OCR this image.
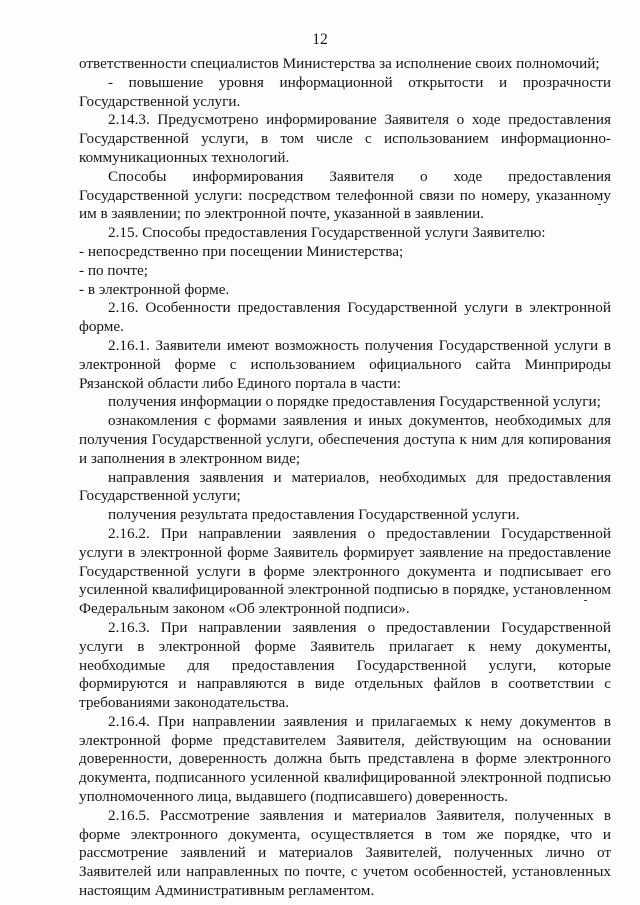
12

ответственности специалистов Министерства за исполнение своих полномочий;

- повышение уровня информационной открытости и прозрачности Государственной услуги.

2.14.3. Предусмотрено информирование Заявителя о ходе предоставления Государственной услуги, в том числе с использованием информационно-коммуникационных технологий.

Способы информирования Заявителя о ходе предоставления Государственной услуги: посредством телефонной связи по номеру, указанному им в заявлении; по электронной почте, указанной в заявлении.

2.15. Способы предоставления Государственной услуги Заявителю:

- непосредственно при посещении Министерства;

- по почте;

- в электронной форме.

2.16. Особенности предоставления Государственной услуги в электронной форме.

2.16.1. Заявители имеют возможность получения Государственной услуги в электронной форме с использованием официального сайта Минприроды Рязанской области либо Единого портала в части:

получения информации о порядке предоставления Государственной услуги;

ознакомления с формами заявления и иных документов, необходимых для получения Государственной услуги, обеспечения доступа к ним для копирования и заполнения в электронном виде;

направления заявления и материалов, необходимых для предоставления Государственной услуги;

получения результата предоставления Государственной услуги.

2.16.2. При направлении заявления о предоставлении Государственной услуги в электронной форме Заявитель формирует заявление на предоставление Государственной услуги в форме электронного документа и подписывает его усиленной квалифицированной электронной подписью в порядке, установленном Федеральным законом «Об электронной подписи».

2.16.3. При направлении заявления о предоставлении Государственной услуги в электронной форме Заявитель прилагает к нему документы, необходимые для предоставления Государственной услуги, которые формируются и направляются в виде отдельных файлов в соответствии с требованиями законодательства.

2.16.4. При направлении заявления и прилагаемых к нему документов в электронной форме представителем Заявителя, действующим на основании доверенности, доверенность должна быть представлена в форме электронного документа, подписанного усиленной квалифицированной электронной подписью уполномоченного лица, выдавшего (подписавшего) доверенность.

2.16.5. Рассмотрение заявления и материалов Заявителя, полученных в форме электронного документа, осуществляется в том же порядке, что и рассмотрение заявлений и материалов Заявителей, полученных лично от Заявителей или направленных по почте, с учетом особенностей, установленных настоящим Административным регламентом.
